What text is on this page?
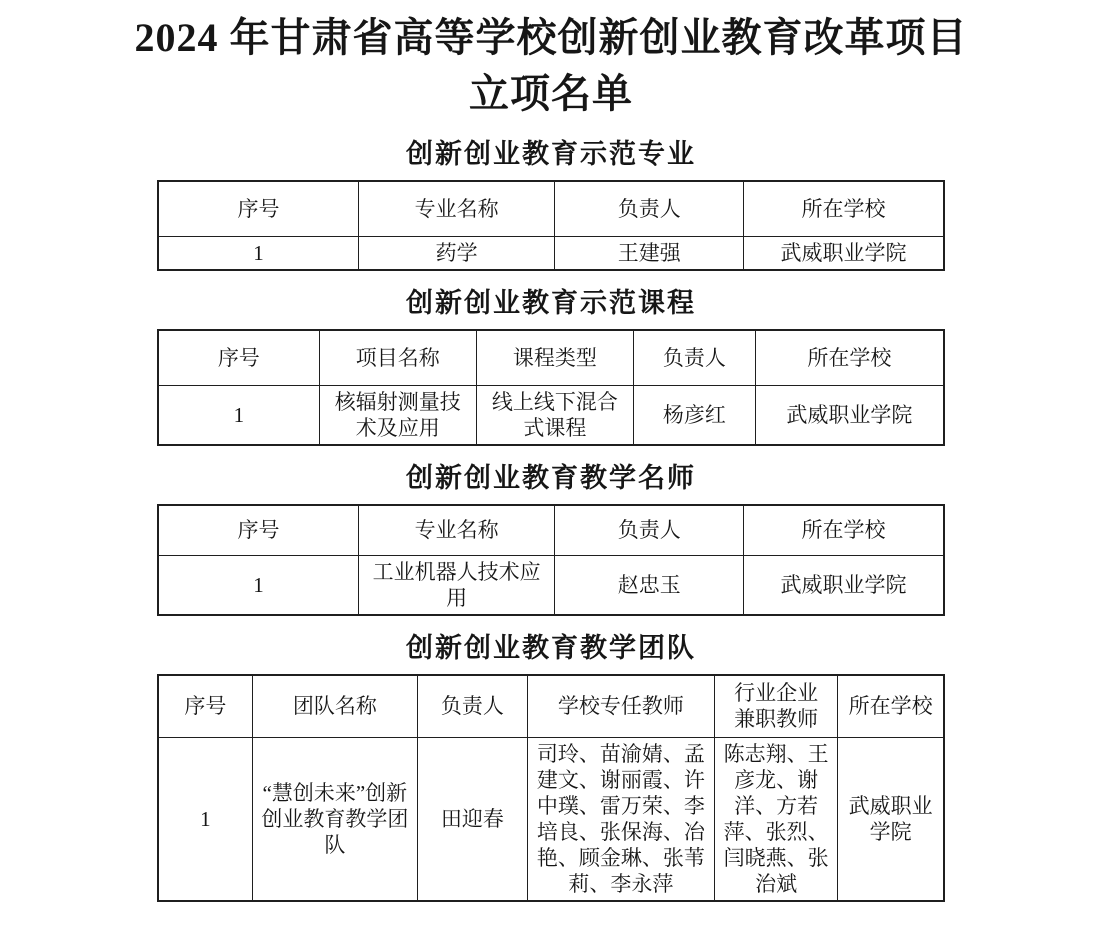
2024 年甘肃省高等学校创新创业教育改革项目
立项名单
创新创业教育示范专业
序号	专业名称	负责人	所在学校
1	药学	王建强	武威职业学院
创新创业教育示范课程
序号	项目名称	课程类型	负责人	所在学校
1	核辐射测量技术及应用	线上线下混合式课程	杨彦红	武威职业学院
创新创业教育教学名师
序号	专业名称	负责人	所在学校
1	工业机器人技术应用	赵忠玉	武威职业学院
创新创业教育教学团队
序号	团队名称	负责人	学校专任教师	行业企业兼职教师	所在学校
1	“慧创未来”创新创业教育教学团队	田迎春	司玲、苗渝婧、孟建文、谢丽霞、许中璞、雷万荣、李培良、张保海、冶艳、顾金琳、张苇莉、李永萍	陈志翔、王彦龙、谢洋、方若萍、张烈、闫晓燕、张治斌	武威职业学院
